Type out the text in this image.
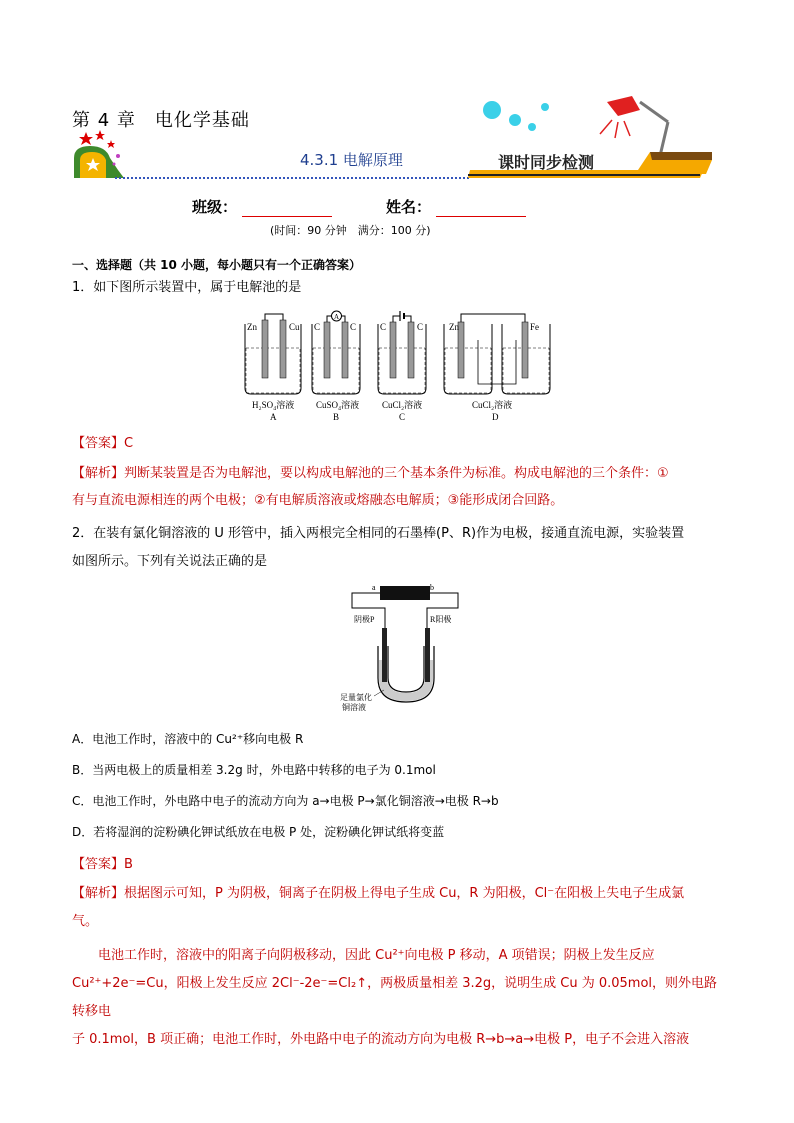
第 4 章　电化学基础
4.3.1 电解原理	课时同步检测
班级：	姓名：
(时间：90 分钟　满分：100 分)
一、选择题（共 10 小题，每小题只有一个正确答案）
1．如下图所示装置中，属于电解池的是
Zn	Cu
H₂SO₄溶液
A
A
C	C
CuSO₄溶液
B
C	C
CuCl₂溶液
C
Zn	Fe
CuCl₂溶液
D
【答案】C
【解析】判断某装置是否为电解池，要以构成电解池的三个基本条件为标准。构成电解池的三个条件：①
有与直流电源相连的两个电极；②有电解质溶液或熔融态电解质；③能形成闭合回路。
2．在装有氯化铜溶液的 U 形管中，插入两根完全相同的石墨棒(P、R)作为电极，接通直流电源，实验装置
如图所示。下列有关说法正确的是
a	b
阴极P	R阳极
足量氯化
铜溶液
A．电池工作时，溶液中的 Cu²⁺移向电极 R
B．当两电极上的质量相差 3.2g 时，外电路中转移的电子为 0.1mol
C．电池工作时，外电路中电子的流动方向为 a→电极 P→氯化铜溶液→电极 R→b
D．若将湿润的淀粉碘化钾试纸放在电极 P 处，淀粉碘化钾试纸将变蓝
【答案】B
【解析】根据图示可知，P 为阴极，铜离子在阴极上得电子生成 Cu，R 为阳极，Cl⁻在阳极上失电子生成氯
气。
电池工作时，溶液中的阳离子向阴极移动，因此 Cu²⁺向电极 P 移动，A 项错误；阴极上发生反应
Cu²⁺+2e⁻=Cu，阳极上发生反应 2Cl⁻-2e⁻=Cl₂↑，两极质量相差 3.2g，说明生成 Cu 为 0.05mol，则外电路转移电
子 0.1mol，B 项正确；电池工作时，外电路中电子的流动方向为电极 R→b→a→电极 P，电子不会进入溶液
